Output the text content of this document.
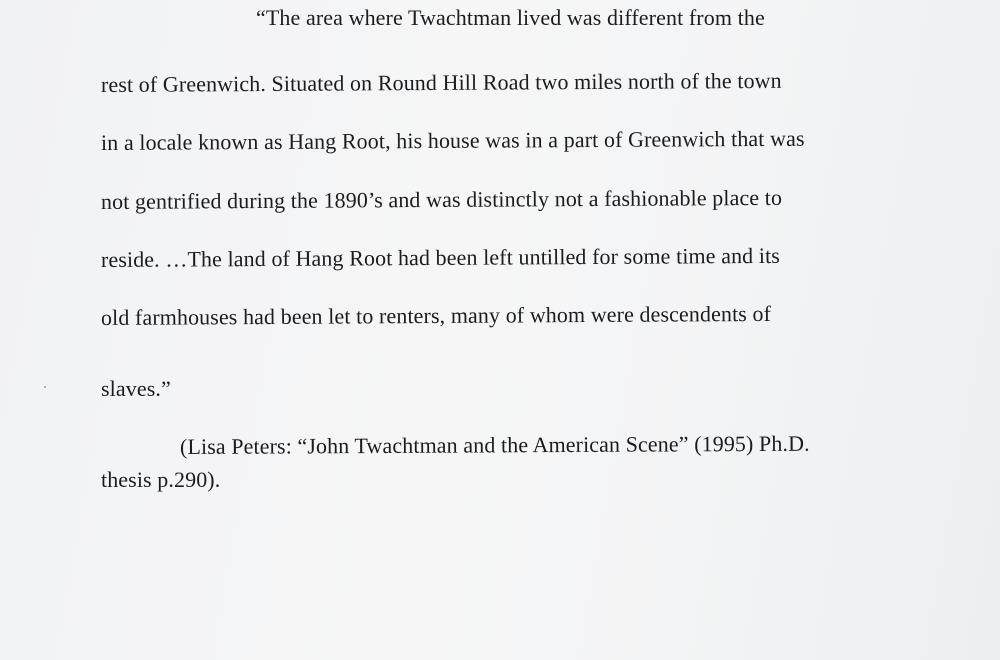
“The area where Twachtman lived was different from the

rest of Greenwich. Situated on Round Hill Road two miles north of the town

in a locale known as Hang Root, his house was in a part of Greenwich that was

not gentrified during the 1890’s and was distinctly not a fashionable place to

reside. …The land of Hang Root had been left untilled for some time and its

old farmhouses had been let to renters, many of whom were descendents of

slaves.”

(Lisa Peters: “John Twachtman and the American Scene” (1995) Ph.D.

thesis p.290).
